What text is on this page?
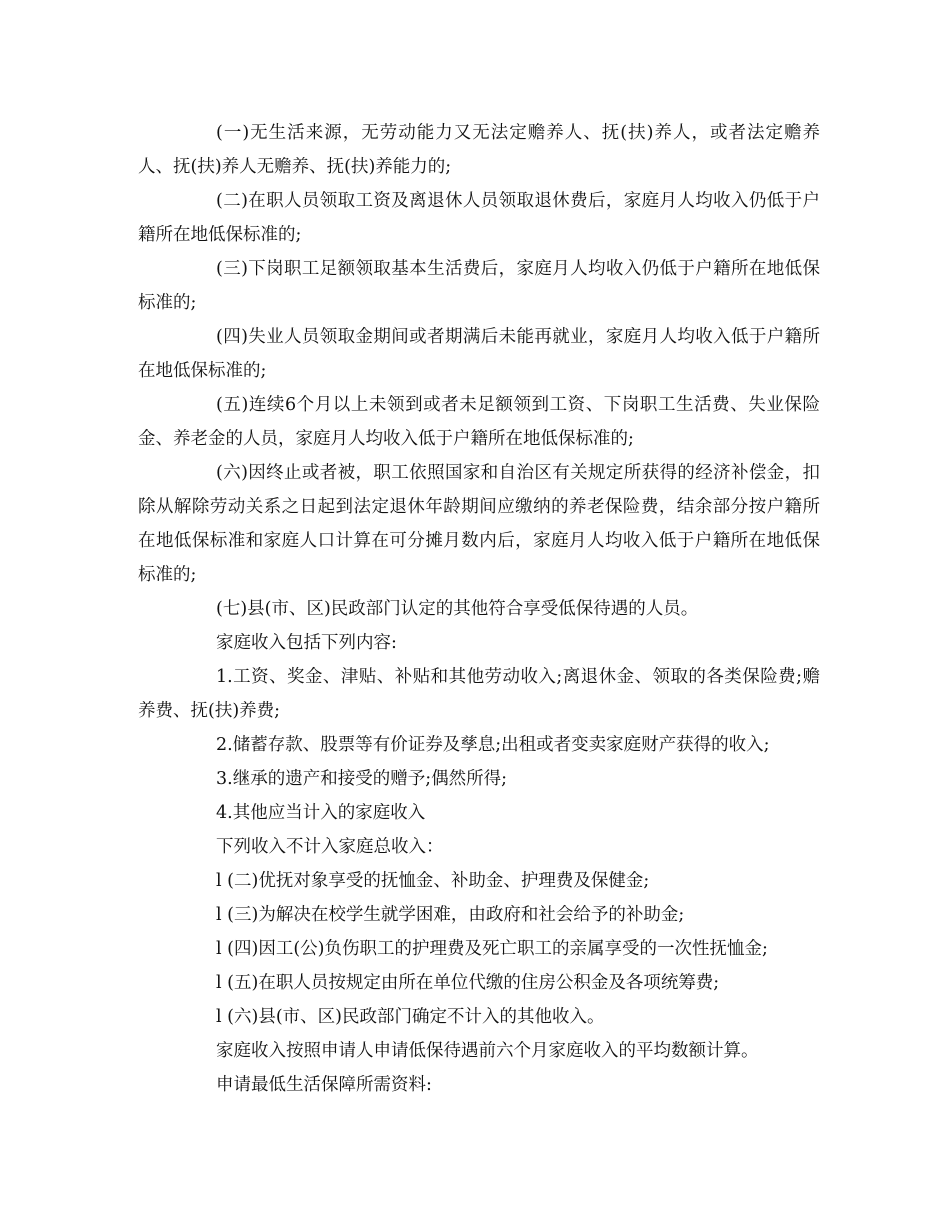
(一)无生活来源，无劳动能力又无法定赡养人、抚(扶)养人，或者法定赡养人、抚(扶)养人无赡养、抚(扶)养能力的;

(二)在职人员领取工资及离退休人员领取退休费后，家庭月人均收入仍低于户籍所在地低保标准的;

(三)下岗职工足额领取基本生活费后，家庭月人均收入仍低于户籍所在地低保标准的;

(四)失业人员领取金期间或者期满后未能再就业，家庭月人均收入低于户籍所在地低保标准的;

(五)连续6个月以上未领到或者未足额领到工资、下岗职工生活费、失业保险金、养老金的人员，家庭月人均收入低于户籍所在地低保标准的;

(六)因终止或者被，职工依照国家和自治区有关规定所获得的经济补偿金，扣除从解除劳动关系之日起到法定退休年龄期间应缴纳的养老保险费，结余部分按户籍所在地低保标准和家庭人口计算在可分摊月数内后，家庭月人均收入低于户籍所在地低保标准的;

(七)县(市、区)民政部门认定的其他符合享受低保待遇的人员。

家庭收入包括下列内容:

1.工资、奖金、津贴、补贴和其他劳动收入;离退休金、领取的各类保险费;赡养费、抚(扶)养费;

2.储蓄存款、股票等有价证券及孳息;出租或者变卖家庭财产获得的收入;

3.继承的遗产和接受的赠予;偶然所得;

4.其他应当计入的家庭收入

下列收入不计入家庭总收入：

l (二)优抚对象享受的抚恤金、补助金、护理费及保健金;

l (三)为解决在校学生就学困难，由政府和社会给予的补助金;

l (四)因工(公)负伤职工的护理费及死亡职工的亲属享受的一次性抚恤金;

l (五)在职人员按规定由所在单位代缴的住房公积金及各项统筹费;

l (六)县(市、区)民政部门确定不计入的其他收入。

家庭收入按照申请人申请低保待遇前六个月家庭收入的平均数额计算。

申请最低生活保障所需资料:
